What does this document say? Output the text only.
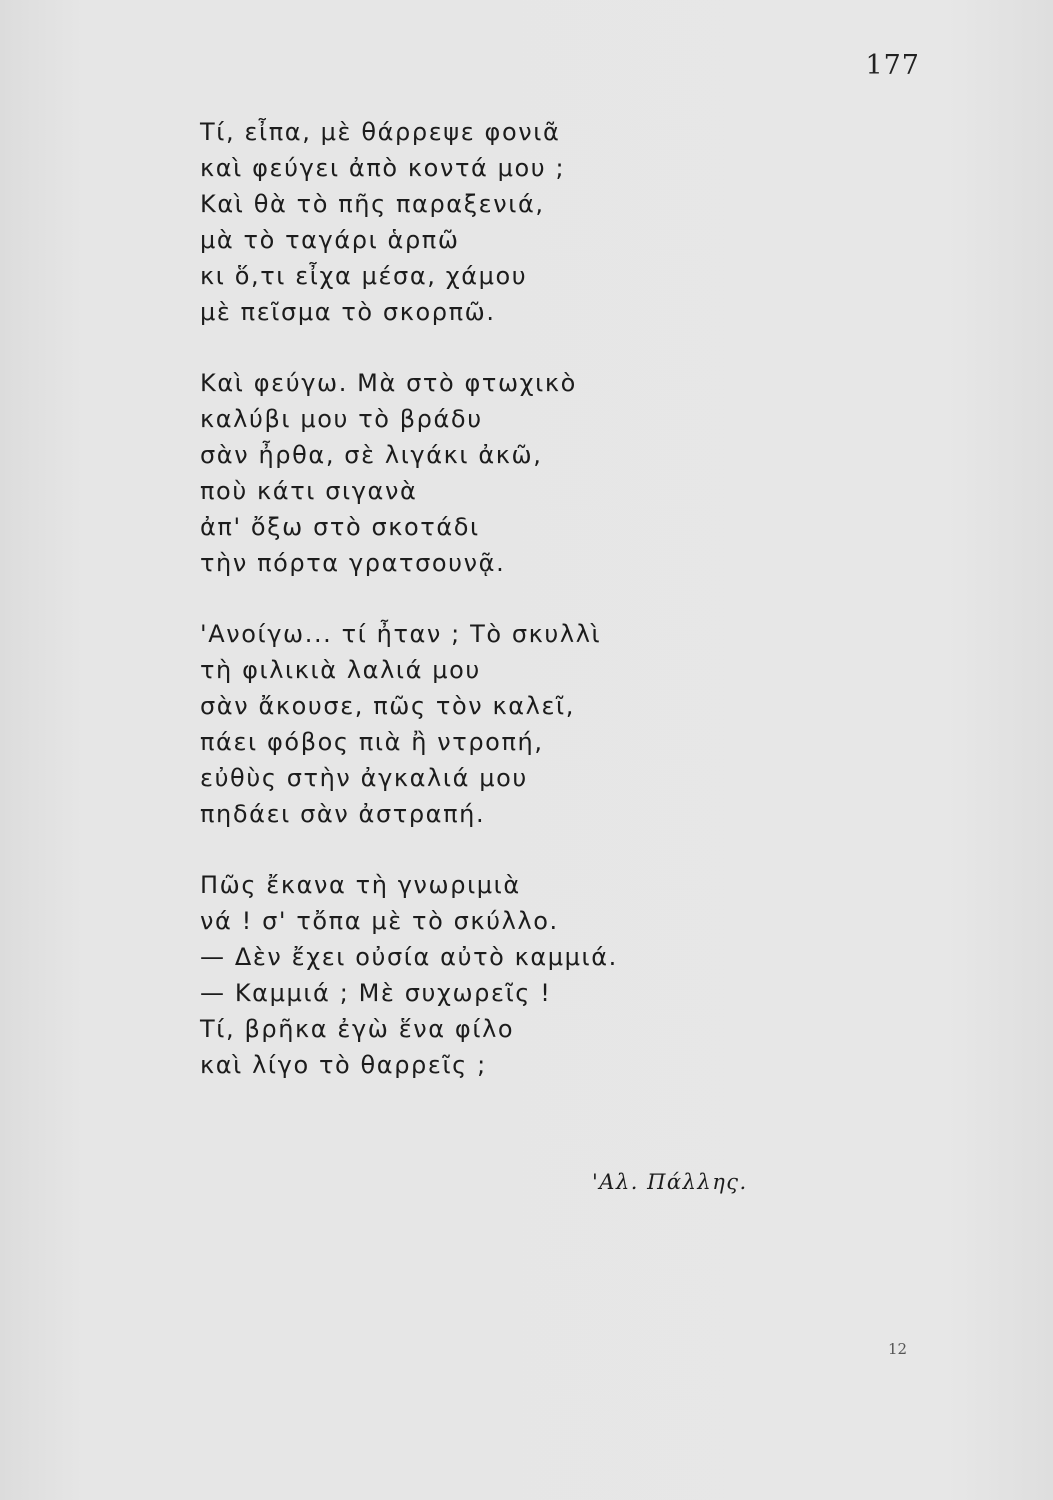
177
Τί, εἶπα, μὲ θάρρεψε φονιᾶ
καὶ φεύγει ἀπὸ κοντά μου ;
Καὶ θὰ τὸ πῆς παραξενιά,
μὰ τὸ ταγάρι ἁρπῶ
κι ὅ,τι εἶχα μέσα, χάμου
μὲ πεῖσμα τὸ σκορπῶ.
Καὶ φεύγω. Μὰ στὸ φτωχικὸ
καλύβι μου τὸ βράδυ
σὰν ἦρθα, σὲ λιγάκι ἀκῶ,
ποὺ κάτι σιγανὰ
ἀπ' ὄξω στὸ σκοτάδι
τὴν πόρτα γρατσουνᾷ.
'Ανοίγω... τί ἦταν ; Τὸ σκυλλὶ
τὴ φιλικιὰ λαλιά μου
σὰν ἄκουσε, πῶς τὸν καλεῖ,
πάει φόβος πιὰ ἢ ντροπή,
εὐθὺς στὴν ἀγκαλιά μου
πηδάει σὰν ἀστραπή.
Πῶς ἔκανα τὴ γνωριμιὰ
νά ! σ' τὄπα μὲ τὸ σκύλλο.
— Δὲν ἔχει οὐσία αὐτὸ καμμιά.
— Καμμιά ; Μὲ συχωρεῖς !
Τί, βρῆκα ἐγὼ ἕνα φίλο
καὶ λίγο τὸ θαρρεῖς ;
'Αλ. Πάλλης.
12
